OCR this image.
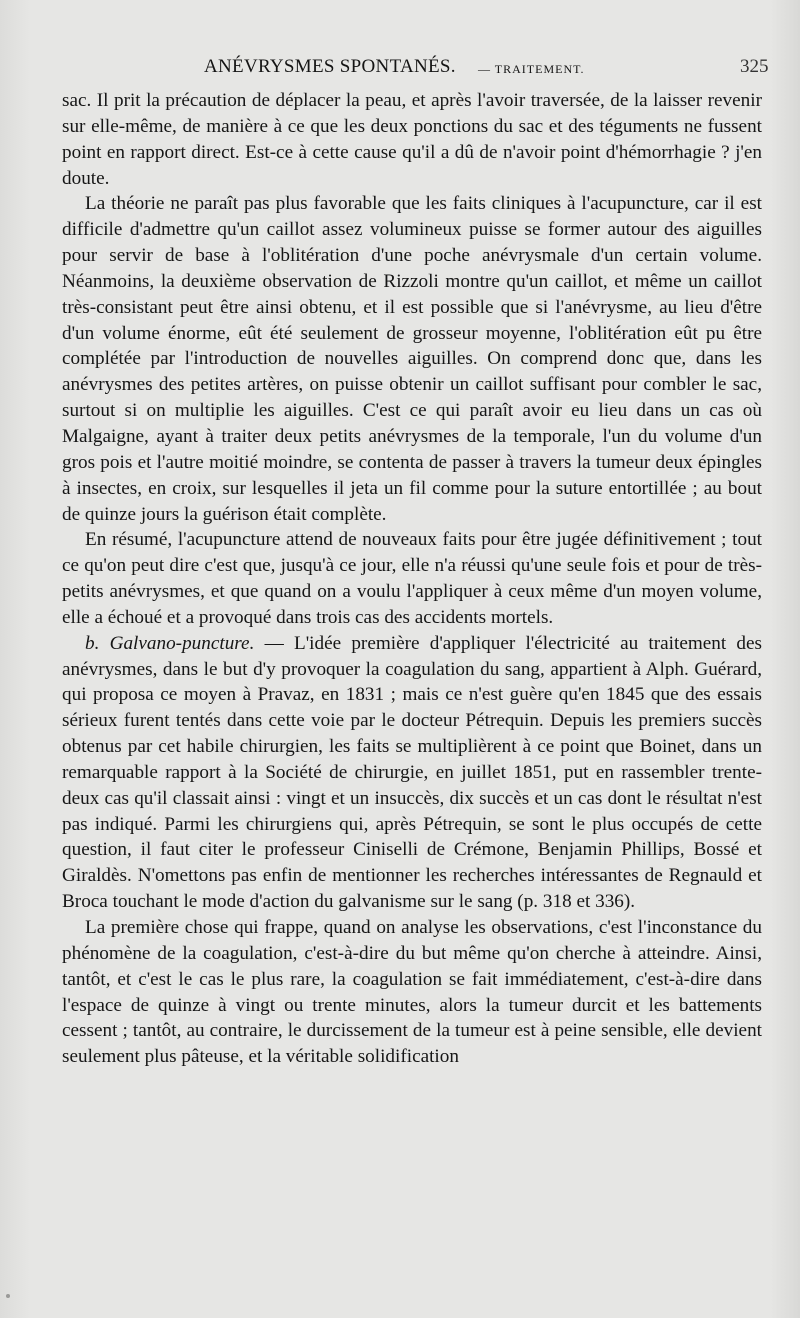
ANÉVRYSMES SPONTANÉS. — TRAITEMENT.	325

sac. Il prit la précaution de déplacer la peau, et après l'avoir traversée, de la laisser revenir sur elle-même, de manière à ce que les deux ponctions du sac et des téguments ne fussent point en rapport direct. Est-ce à cette cause qu'il a dû de n'avoir point d'hémorrhagie ? j'en doute.

La théorie ne paraît pas plus favorable que les faits cliniques à l'acupuncture, car il est difficile d'admettre qu'un caillot assez volumineux puisse se former autour des aiguilles pour servir de base à l'oblitération d'une poche anévrysmale d'un certain volume. Néanmoins, la deuxième observation de Rizzoli montre qu'un caillot, et même un caillot très-consistant peut être ainsi obtenu, et il est possible que si l'anévrysme, au lieu d'être d'un volume énorme, eût été seulement de grosseur moyenne, l'oblitération eût pu être complétée par l'introduction de nouvelles aiguilles. On comprend donc que, dans les anévrysmes des petites artères, on puisse obtenir un caillot suffisant pour combler le sac, surtout si on multiplie les aiguilles. C'est ce qui paraît avoir eu lieu dans un cas où Malgaigne, ayant à traiter deux petits anévrysmes de la temporale, l'un du volume d'un gros pois et l'autre moitié moindre, se contenta de passer à travers la tumeur deux épingles à insectes, en croix, sur lesquelles il jeta un fil comme pour la suture entortillée ; au bout de quinze jours la guérison était complète.

En résumé, l'acupuncture attend de nouveaux faits pour être jugée définitivement ; tout ce qu'on peut dire c'est que, jusqu'à ce jour, elle n'a réussi qu'une seule fois et pour de très-petits anévrysmes, et que quand on a voulu l'appliquer à ceux même d'un moyen volume, elle a échoué et a provoqué dans trois cas des accidents mortels.

b. Galvano-puncture. — L'idée première d'appliquer l'électricité au traitement des anévrysmes, dans le but d'y provoquer la coagulation du sang, appartient à Alph. Guérard, qui proposa ce moyen à Pravaz, en 1831 ; mais ce n'est guère qu'en 1845 que des essais sérieux furent tentés dans cette voie par le docteur Pétrequin. Depuis les premiers succès obtenus par cet habile chirurgien, les faits se multiplièrent à ce point que Boinet, dans un remarquable rapport à la Société de chirurgie, en juillet 1851, put en rassembler trente-deux cas qu'il classait ainsi : vingt et un insuccès, dix succès et un cas dont le résultat n'est pas indiqué. Parmi les chirurgiens qui, après Pétrequin, se sont le plus occupés de cette question, il faut citer le professeur Ciniselli de Crémone, Benjamin Phillips, Bossé et Giraldès. N'omettons pas enfin de mentionner les recherches intéressantes de Regnauld et Broca touchant le mode d'action du galvanisme sur le sang (p. 318 et 336).

La première chose qui frappe, quand on analyse les observations, c'est l'inconstance du phénomène de la coagulation, c'est-à-dire du but même qu'on cherche à atteindre. Ainsi, tantôt, et c'est le cas le plus rare, la coagulation se fait immédiatement, c'est-à-dire dans l'espace de quinze à vingt ou trente minutes, alors la tumeur durcit et les battements cessent ; tantôt, au contraire, le durcissement de la tumeur est à peine sensible, elle devient seulement plus pâteuse, et la véritable solidification
